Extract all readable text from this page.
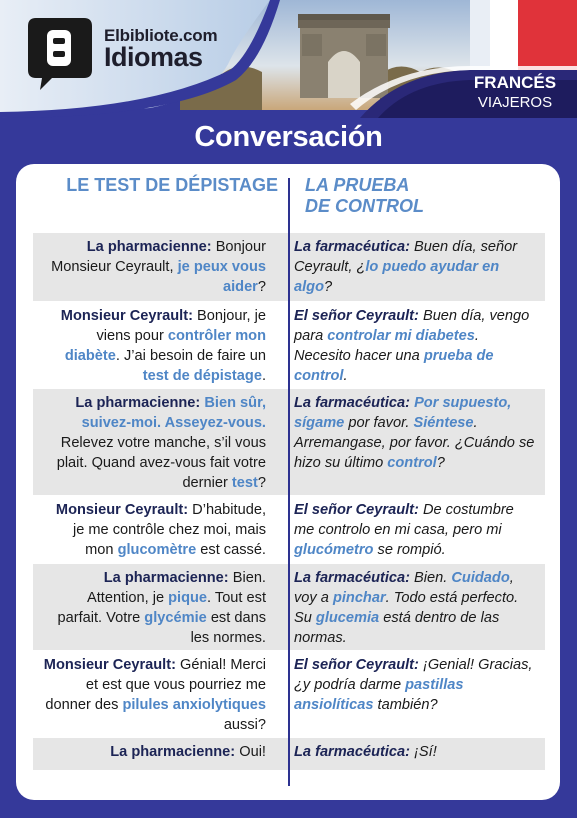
Elbibliote.com
Idiomas
FRANCÉS
VIAJEROS
Conversación
LE TEST DE DÉPISTAGE LA PRUEBA
DE CONTROL
La pharmacienne: Bonjour Monsieur Ceyrault, je peux vous aider?
La farmacéutica: Buen día, señor Ceyrault, ¿lo puedo ayudar en algo?
Monsieur Ceyrault: Bonjour, je viens pour contrôler mon diabète. J’ai besoin de faire un test de dépistage.
El señor Ceyrault: Buen día, vengo para controlar mi diabetes. Necesito hacer una prueba de control.
La pharmacienne: Bien sûr, suivez-moi. Asseyez-vous. Relevez votre manche, s’il vous plait. Quand avez-vous fait votre dernier test?
La farmacéutica: Por supuesto, sígame por favor. Siéntese. Arremangase, por favor. ¿Cuándo se hizo su último control?
Monsieur Ceyrault: D’habitude, je me contrôle chez moi, mais mon glucomètre est cassé.
El señor Ceyrault: De costumbre me controlo en mi casa, pero mi glucómetro se rompió.
La pharmacienne: Bien. Attention, je pique. Tout est parfait. Votre glycémie est dans les normes.
La farmacéutica: Bien. Cuidado, voy a pinchar. Todo está perfecto. Su glucemia está dentro de las normas.
Monsieur Ceyrault: Génial! Merci et est que vous pourriez me donner des pilules anxiolytiques aussi?
El señor Ceyrault: ¡Genial! Gracias, ¿y podría darme pastillas ansiolíticas también?
La pharmacienne: Oui!	La farmacéutica: ¡Sí!
